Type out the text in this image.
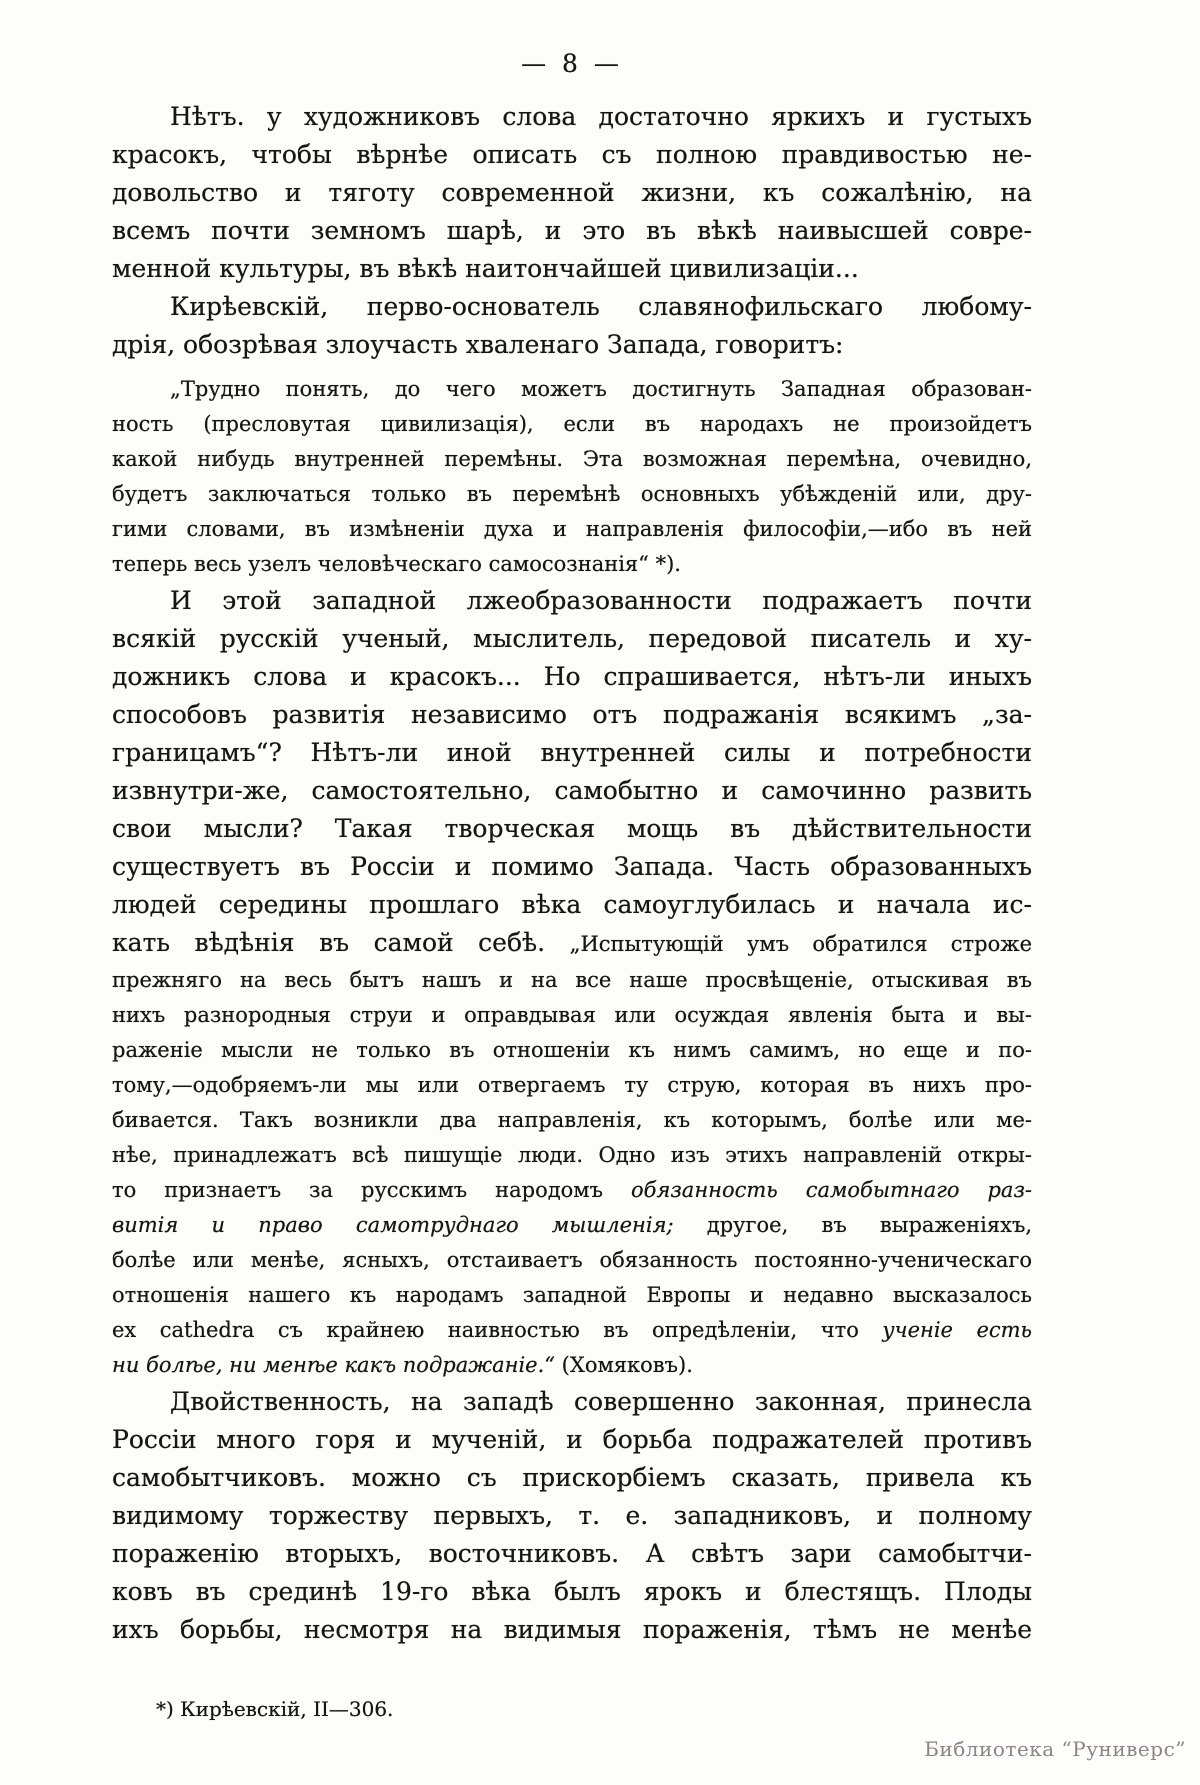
— 8 —
Нѣтъ. у художниковъ слова достаточно яркихъ и густыхъ
красокъ, чтобы вѣрнѣе описать съ полною правдивостью не-
довольство и тяготу современной жизни, къ сожалѣнію, на
всемъ почти земномъ шарѣ, и это въ вѣкѣ наивысшей совре-
менной культуры, въ вѣкѣ наитончайшей цивилизаціи...
Кирѣевскій, перво-основатель славянофильскаго любому-
дрія, обозрѣвая злоучасть хваленаго Запада, говоритъ:
„Трудно понять, до чего можетъ достигнуть Западная образован-
ность (пресловутая цивилизація), если въ народахъ не произойдетъ
какой нибудь внутренней перемѣны. Эта возможная перемѣна, очевидно,
будетъ заключаться только въ перемѣнѣ основныхъ убѣжденій или, дру-
гими словами, въ измѣненіи духа и направленія философіи,—ибо въ ней
теперь весь узелъ человѣческаго самосознанія“ *).
И этой западной лжеобразованности подражаетъ почти
всякій русскій ученый, мыслитель, передовой писатель и ху-
дожникъ слова и красокъ... Но спрашивается, нѣтъ-ли иныхъ
способовъ развитія независимо отъ подражанія всякимъ „за-
границамъ“? Нѣтъ-ли иной внутренней силы и потребности
извнутри-же, самостоятельно, самобытно и самочинно развить
свои мысли? Такая творческая мощь въ дѣйствительности
существуетъ въ Россіи и помимо Запада. Часть образованныхъ
людей середины прошлаго вѣка самоуглубилась и начала ис-
кать вѣдѣнія въ самой себѣ. „Испытующій умъ обратился строже
прежняго на весь бытъ нашъ и на все наше просвѣщеніе, отыскивая въ
нихъ разнородныя струи и оправдывая или осуждая явленія быта и вы-
раженіе мысли не только въ отношеніи къ нимъ самимъ, но еще и по-
тому,—одобряемъ-ли мы или отвергаемъ ту струю, которая въ нихъ про-
бивается. Такъ возникли два направленія, къ которымъ, болѣе или ме-
нѣе, принадлежатъ всѣ пишущіе люди. Одно изъ этихъ направленій откры-
то признаетъ за русскимъ народомъ обязанность самобытнаго раз-
витія и право самотруднаго мышленія; другое, въ выраженіяхъ,
болѣе или менѣе, ясныхъ, отстаиваетъ обязанность постоянно-ученическаго
отношенія нашего къ народамъ западной Европы и недавно высказалось
ex cathedra съ крайнею наивностью въ опредѣленіи, что ученіе есть
ни болѣе, ни менѣе какъ подражаніе.“ (Хомяковъ).
Двойственность, на западѣ совершенно законная, принесла
Россіи много горя и мученій, и борьба подражателей противъ
самобытчиковъ. можно съ прискорбіемъ сказать, привела къ
видимому торжеству первыхъ, т. е. западниковъ, и полному
пораженію вторыхъ, восточниковъ. А свѣтъ зари самобытчи-
ковъ въ срединѣ 19-го вѣка былъ ярокъ и блестящъ. Плоды
ихъ борьбы, несмотря на видимыя пораженія, тѣмъ не менѣе
*) Кирѣевскій, II—306.
Библиотека “Руниверс”
